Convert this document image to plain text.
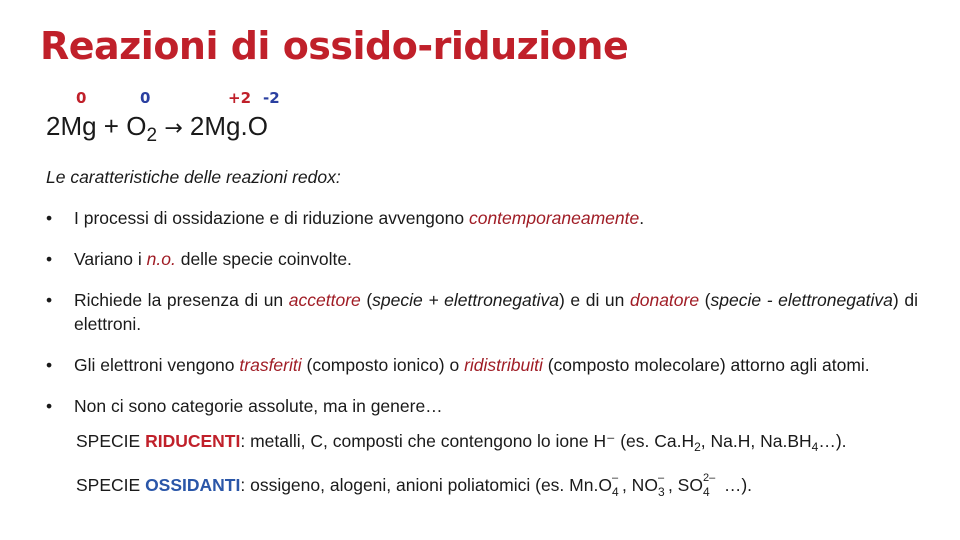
Reazioni di ossido-riduzione
0	0	+2 -2
$2Mg + O_2 \to 2Mg.O$

Le caratteristiche delle reazioni redox:

• I processi di ossidazione e di riduzione avvengono contemporaneamente.
• Variano i n.o. delle specie coinvolte.
• Richiede la presenza di un accettore (specie + elettronegativa) e di un donatore (specie - elettronegativa) di elettroni.
• Gli elettroni vengono trasferiti (composto ionico) o ridistribuiti (composto molecolare) attorno agli atomi.
• Non ci sono categorie assolute, ma in genere…
SPECIE RIDUCENTI: metalli, C, composti che contengono lo ione H⁻ (es. $Ca.H_2$, Na.H, $Na.BH_4\dots$).
SPECIE OSSIDANTI: ossigeno, alogeni, anioni poliatomici (es. Mn.O –
4 , NO –
3 , SO 2–
4 …).
